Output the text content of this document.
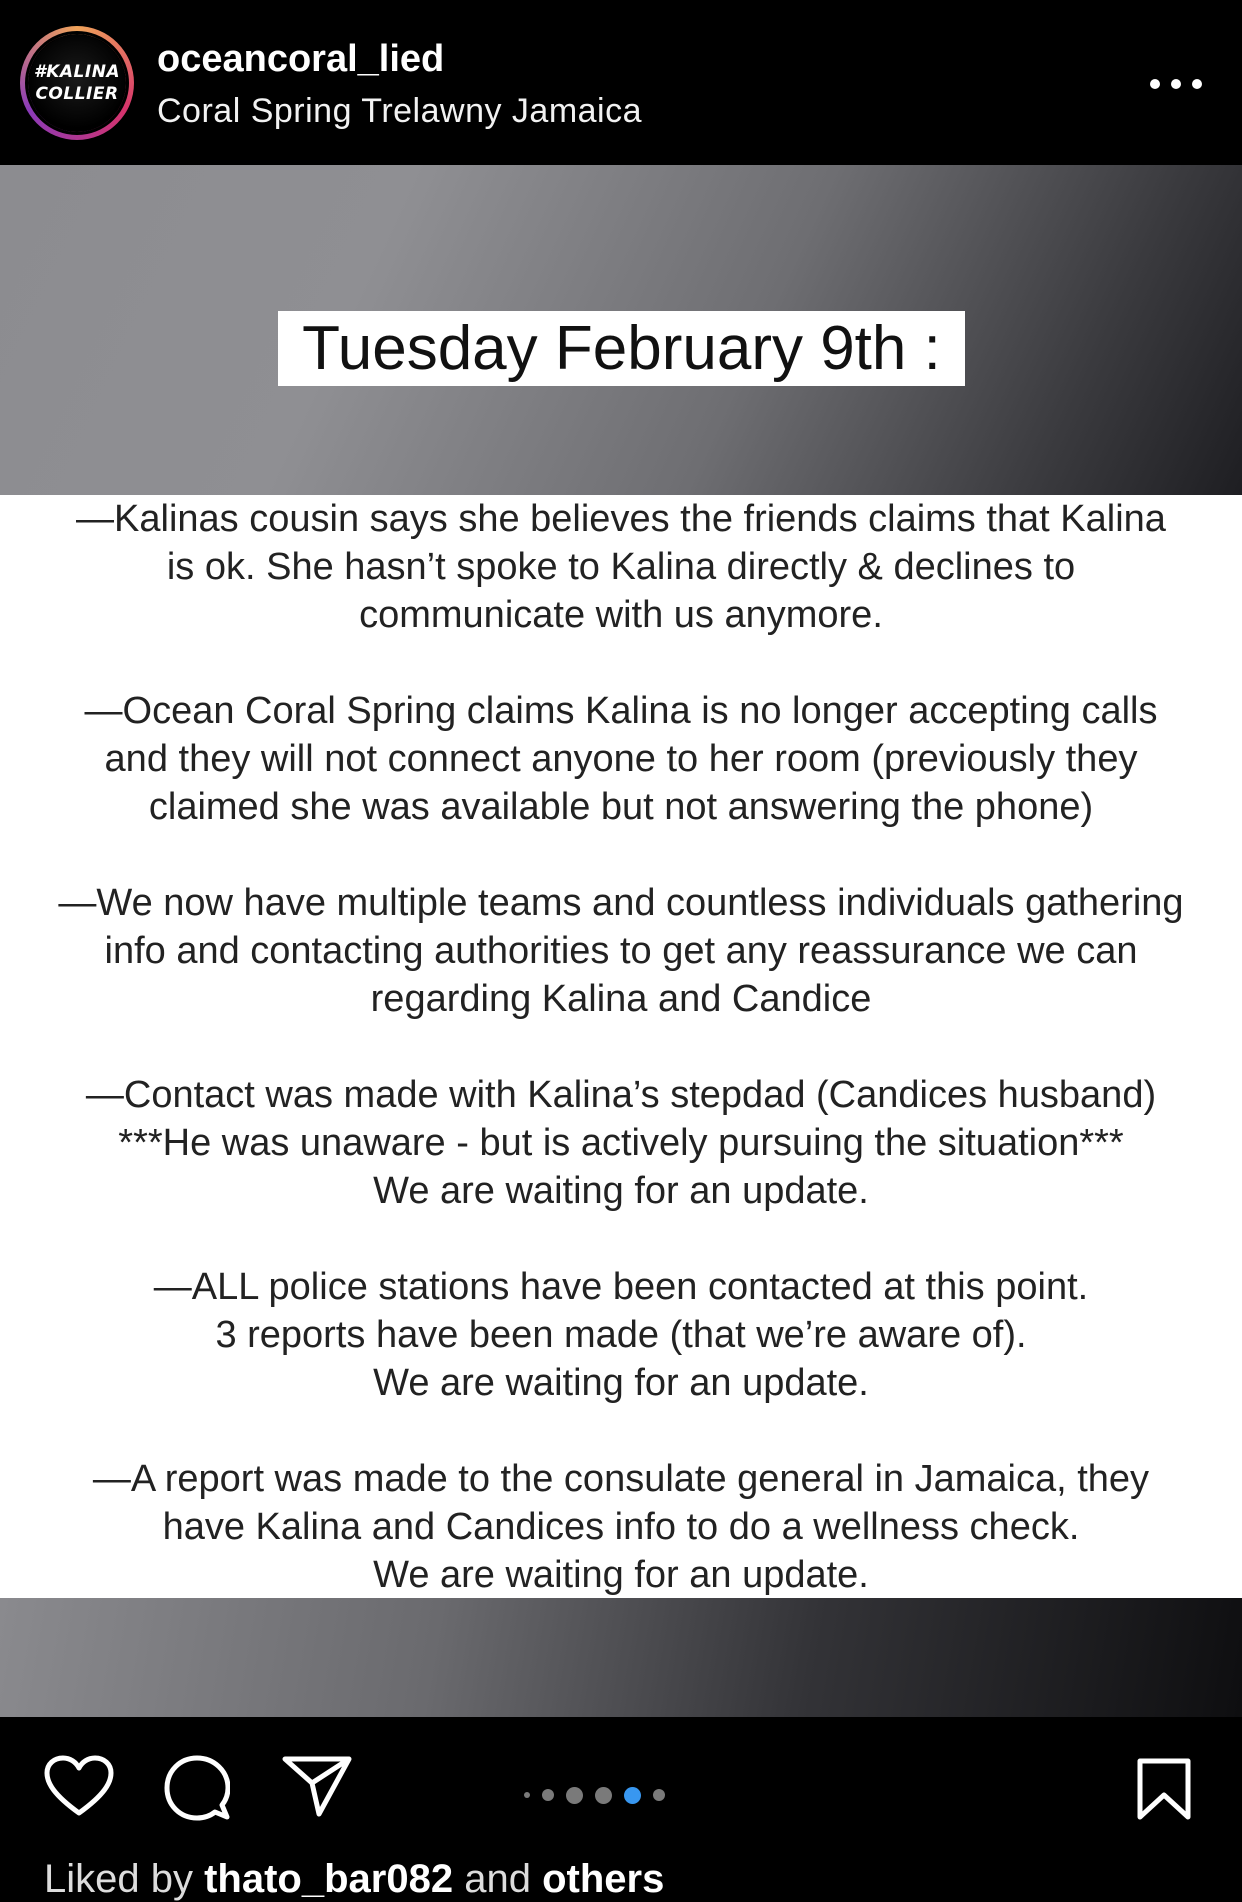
#KALINA
COLLIER
oceancoral_lied
Coral Spring Trelawny Jamaica
Tuesday February 9th :
—Kalinas cousin says she believes the friends claims that Kalina
is ok. She hasn’t spoke to Kalina directly & declines to
communicate with us anymore.
—Ocean Coral Spring claims Kalina is no longer accepting calls
and they will not connect anyone to her room (previously they
claimed she was available but not answering the phone)
—We now have multiple teams and countless individuals gathering
info and contacting authorities to get any reassurance we can
regarding Kalina and Candice
—Contact was made with Kalina’s stepdad (Candices husband)
***He was unaware - but is actively pursuing the situation***
We are waiting for an update.
—ALL police stations have been contacted at this point.
3 reports have been made (that we’re aware of).
We are waiting for an update.
—A report was made to the consulate general in Jamaica, they
have Kalina and Candices info to do a wellness check.
We are waiting for an update.
Liked by thato_bar082 and others
